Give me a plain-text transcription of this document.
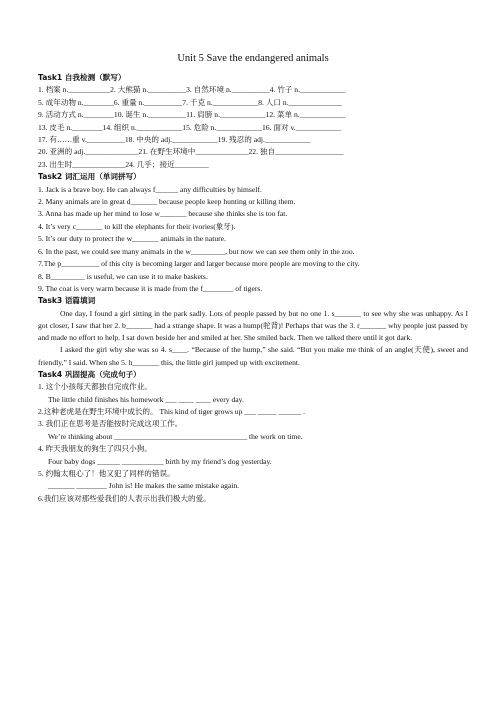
Unit 5 Save the endangered animals
Task1 自我检测（默写）
1. 档案 n.___________2. 大熊猫 n.__________3. 自然环境 n.__________4. 竹子 n.____________
5. 成年动物 n.________6. 重量 n.__________7. 千克 n.____________8. 人口 n.______________
9. 活动方式 n.________10. 诞生 n.__________11. 肩膀 n.____________12. 菜单 n.____________
13. 皮毛 n.________14. 组织 n.____________15. 危险 n.____________16. 面对 v.____________
17. 有……重 v.__________18. 中央的 adj.____________19. 残忍的 adj.____________
20. 亚洲的 adj.______________21. 在野生环境中______________22. 独自__________________
23. 出生时______________24. 几乎；接近_________
Task2 词汇运用（单词拼写）
1. Jack is a brave boy. He can always f______ any difficulties by himself.
2. Many animals are in great d_______ because people keep hunting or killing them.
3. Anna has made up her mind to lose w_______ because she thinks she is too fat.
4. It’s very c_______ to kill the elephants for their ivories(象牙).
5. It’s our duty to protect the w_______ animals in the nature.
6. In the past, we could see many animals in the w_________, but now we can see them only in the zoo.
7.The p__________ of this city is becoming larger and larger because more people are moving to the city.
8. B_________ is useful, we can use it to make baskets.
9. The coat is very warm because it is made from the f________ of tigers.
Task3 语篇填词
One day, I found a girl sitting in the park sadly. Lots of people passed by but no one 1. s_______ to see why she was unhappy. As I got closer, I saw that her 2. b_______ had a strange shape. It was a hump(驼背)! Perhaps that was the 3. r_______ why people just passed by and made no effort to help. I sat down beside her and smiled at her. She smiled back. Then we talked there until it got dark.
I asked the girl why she was so 4. s____. “Because of the hump,” she said. “But you make me think of an angle(天使), sweet and friendly,” I said. When she 5. h_______ this, the little girl jumped up with excitement.
Task4 巩固提高（完成句子）
1. 这个小孩每天都独自完成作业。
The little child finishes his homework ___ ____ ____ every day.
2.这种老虎是在野生环境中成长的。 This kind of tiger grows up ___ _____ ______ .
3. 我们正在思考是否能按时完成这项工作。
We’re thinking about ___________________________________ the work on time.
4. 昨天我朋友的狗生了四只小狗。
Four baby dogs ______ ___________ birth by my friend’s dog yesterday.
5. 约翰太粗心了！他又犯了同样的错误。
_______ ________ John is! He makes the same mistake again.
6.我们应该对那些爱我们的人表示出我们极大的爱。
